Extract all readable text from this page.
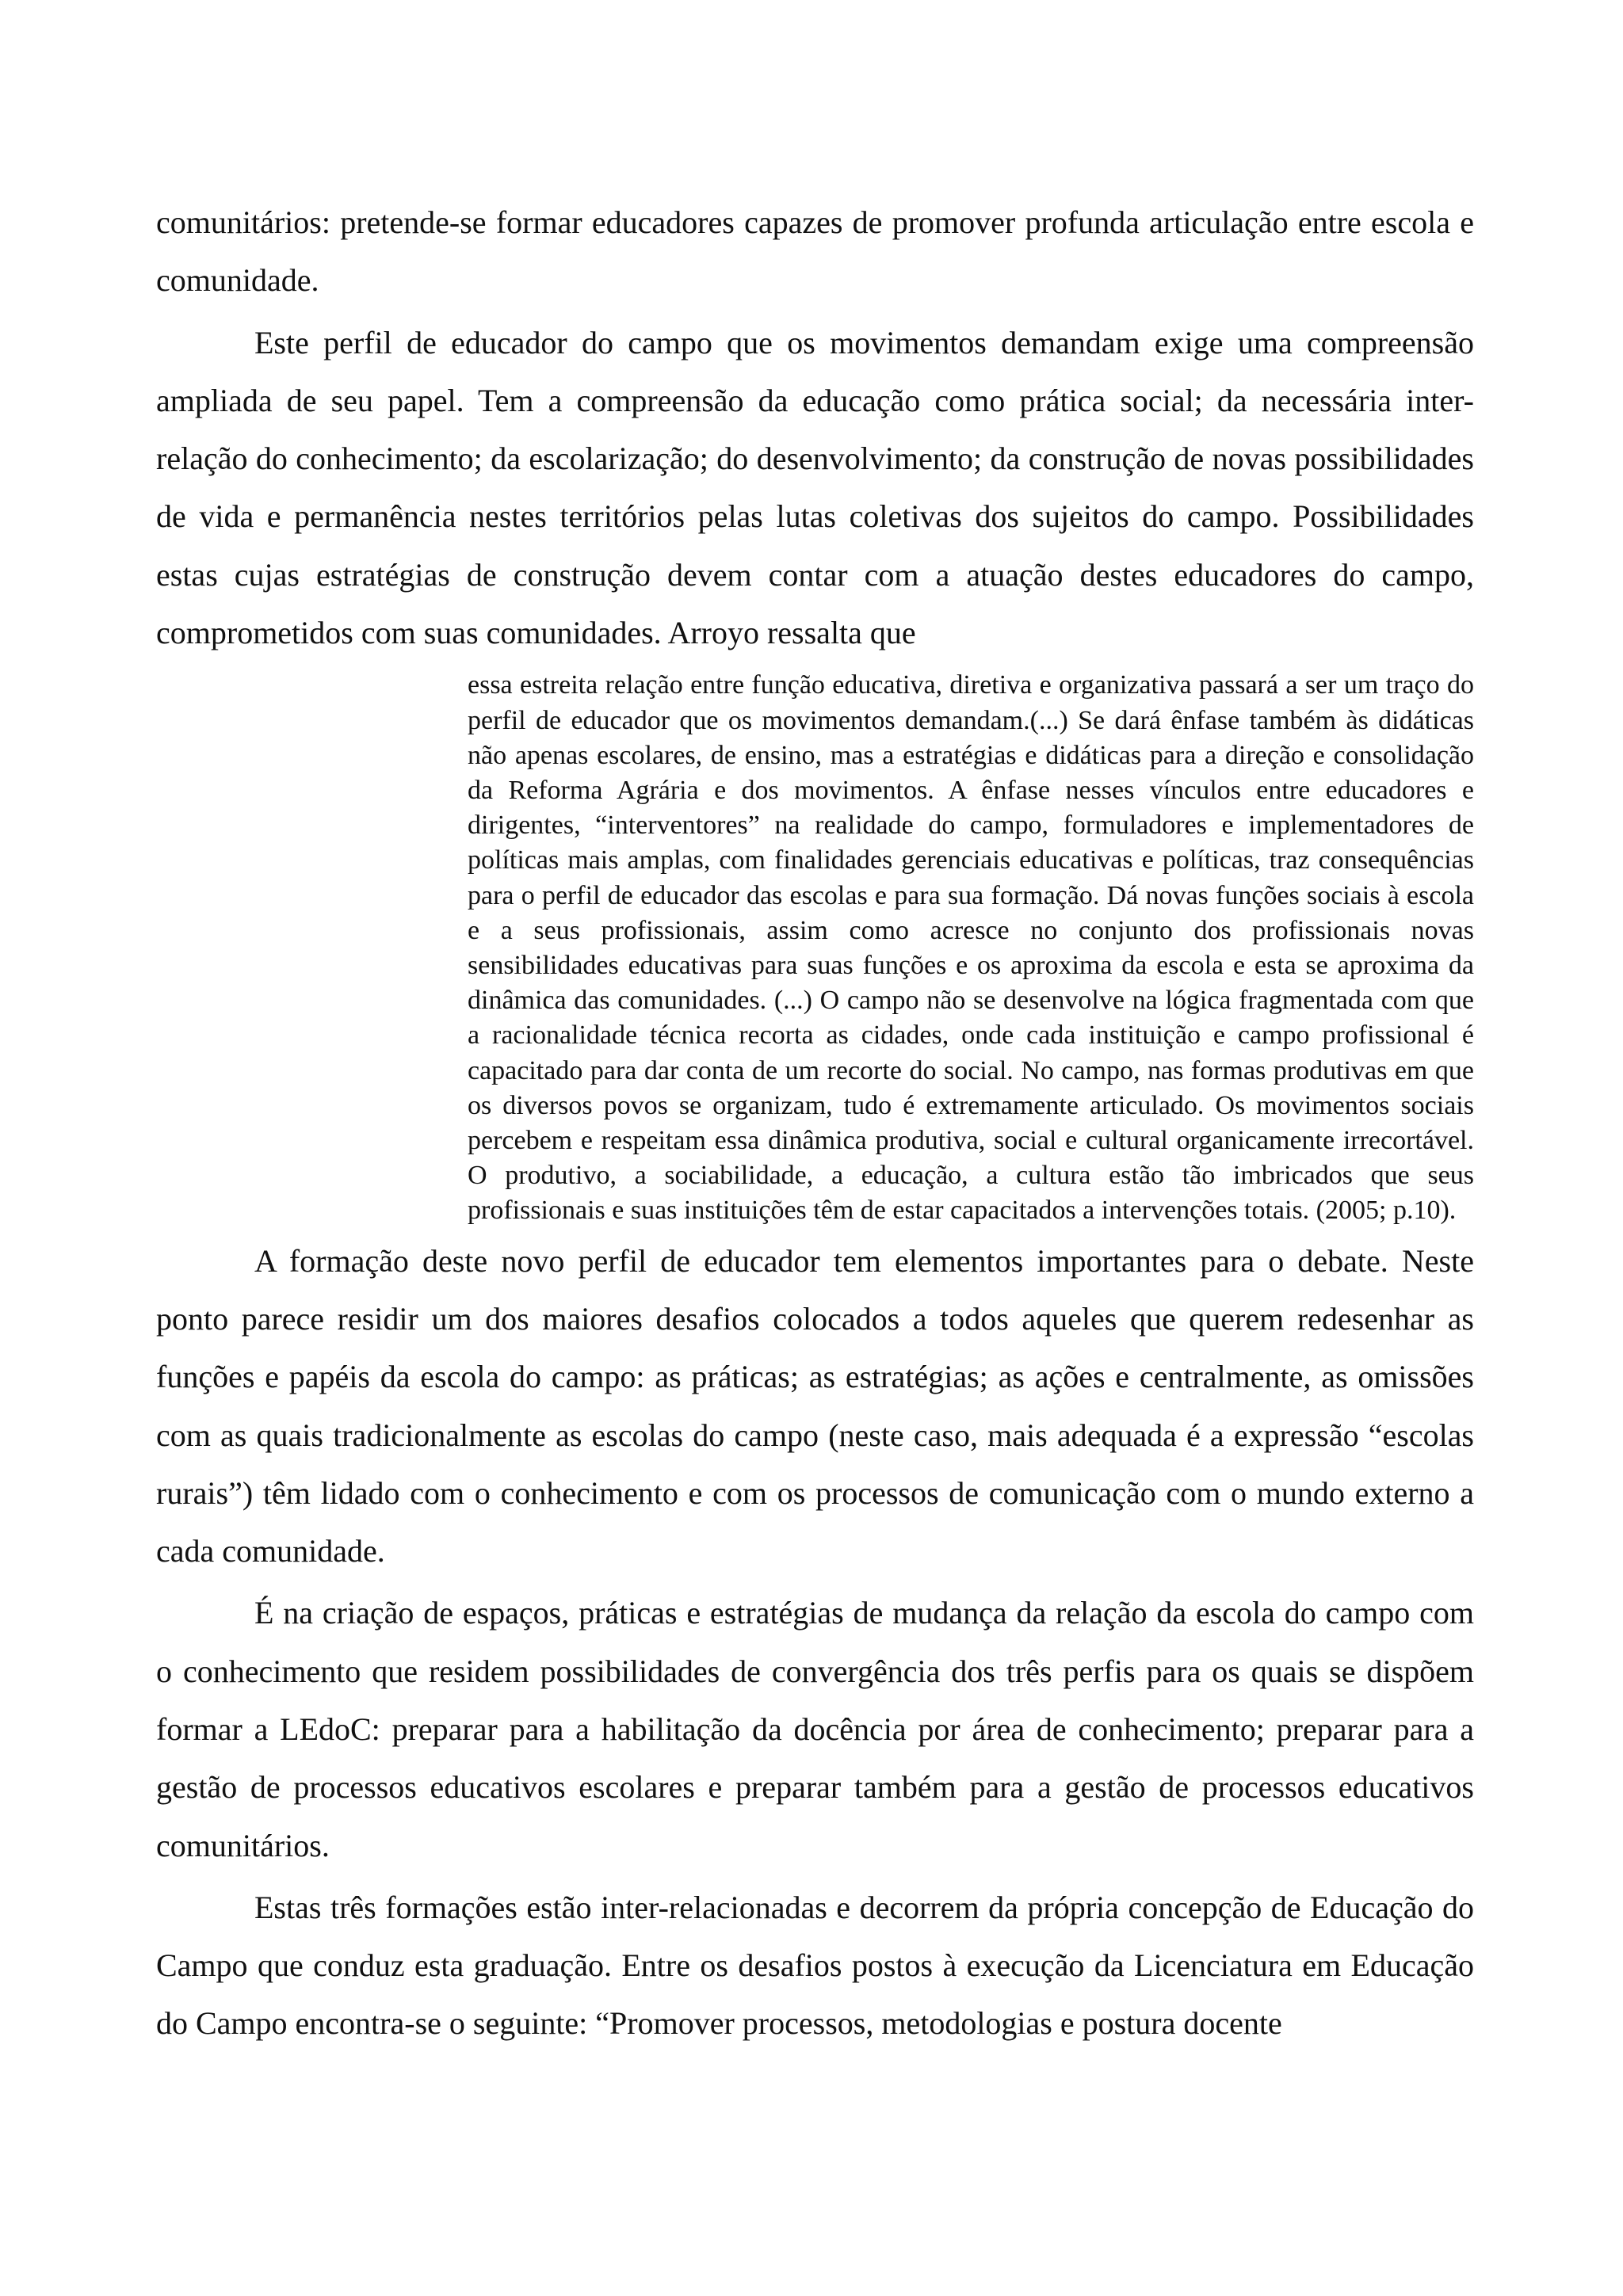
comunitários: pretende-se formar educadores capazes de promover profunda articulação entre escola e comunidade.

Este perfil de educador do campo que os movimentos demandam exige uma compreensão ampliada de seu papel. Tem a compreensão da educação como prática social; da necessária inter-relação do conhecimento; da escolarização; do desenvolvimento; da construção de novas possibilidades de vida e permanência nestes territórios pelas lutas coletivas dos sujeitos do campo. Possibilidades estas cujas estratégias de construção devem contar com a atuação destes educadores do campo, comprometidos com suas comunidades. Arroyo ressalta que

essa estreita relação entre função educativa, diretiva e organizativa passará a ser um traço do perfil de educador que os movimentos demandam.(...) Se dará ênfase também às didáticas não apenas escolares, de ensino, mas a estratégias e didáticas para a direção e consolidação da Reforma Agrária e dos movimentos. A ênfase nesses vínculos entre educadores e dirigentes, “interventores” na realidade do campo, formuladores e implementadores de políticas mais amplas, com finalidades gerenciais educativas e políticas, traz consequências para o perfil de educador das escolas e para sua formação. Dá novas funções sociais à escola e a seus profissionais, assim como acresce no conjunto dos profissionais novas sensibilidades educativas para suas funções e os aproxima da escola e esta se aproxima da dinâmica das comunidades. (...) O campo não se desenvolve na lógica fragmentada com que a racionalidade técnica recorta as cidades, onde cada instituição e campo profissional é capacitado para dar conta de um recorte do social. No campo, nas formas produtivas em que os diversos povos se organizam, tudo é extremamente articulado. Os movimentos sociais percebem e respeitam essa dinâmica produtiva, social e cultural organicamente irrecortável. O produtivo, a sociabilidade, a educação, a cultura estão tão imbricados que seus profissionais e suas instituições têm de estar capacitados a intervenções totais. (2005; p.10).

A formação deste novo perfil de educador tem elementos importantes para o debate. Neste ponto parece residir um dos maiores desafios colocados a todos aqueles que querem redesenhar as funções e papéis da escola do campo: as práticas; as estratégias; as ações e centralmente, as omissões com as quais tradicionalmente as escolas do campo (neste caso, mais adequada é a expressão “escolas rurais”) têm lidado com o conhecimento e com os processos de comunicação com o mundo externo a cada comunidade.

É na criação de espaços, práticas e estratégias de mudança da relação da escola do campo com o conhecimento que residem possibilidades de convergência dos três perfis para os quais se dispõem formar a LEdoC: preparar para a habilitação da docência por área de conhecimento; preparar para a gestão de processos educativos escolares e preparar também para a gestão de processos educativos comunitários.

Estas três formações estão inter-relacionadas e decorrem da própria concepção de Educação do Campo que conduz esta graduação. Entre os desafios postos à execução da Licenciatura em Educação do Campo encontra-se o seguinte: “Promover processos, metodologias e postura docente
